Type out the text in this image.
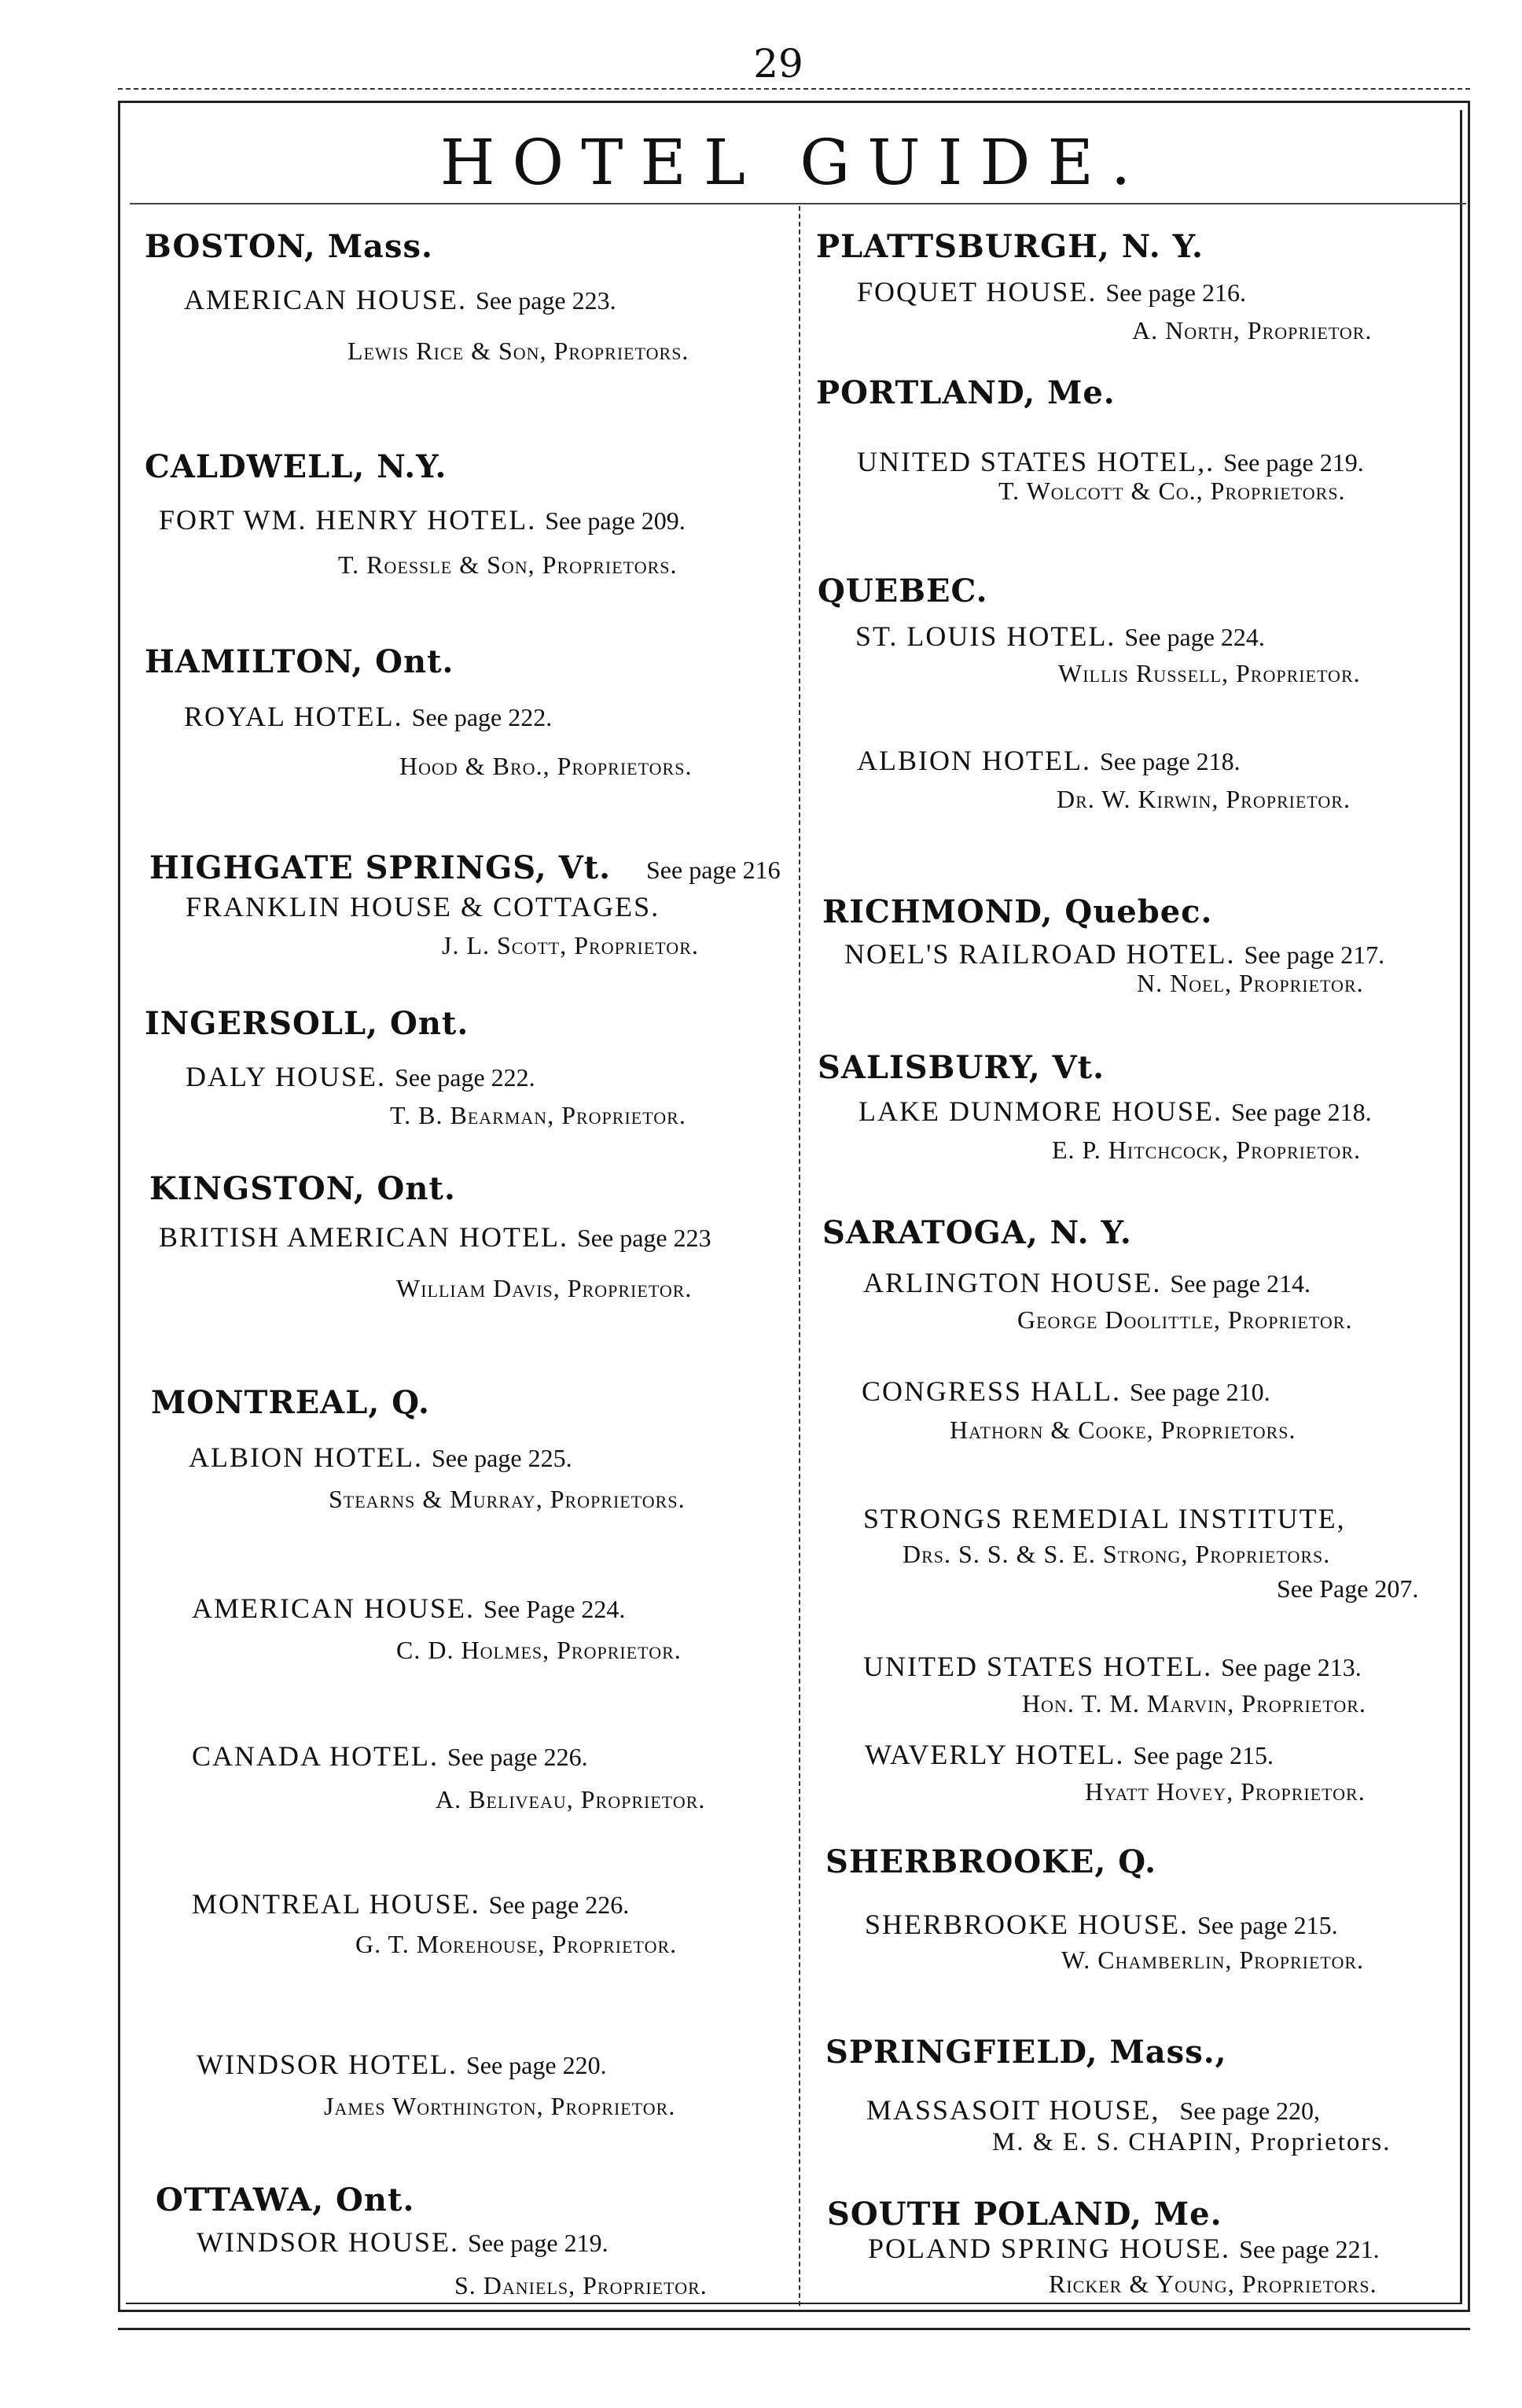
29
HOTEL GUIDE.
BOSTON, Mass.
AMERICAN HOUSE. See page 223.
Lewis Rice & Son, Proprietors.
CALDWELL, N.Y.
FORT WM. HENRY HOTEL. See page 209.
T. Roessle & Son, Proprietors.
HAMILTON, Ont.
ROYAL HOTEL. See page 222.
Hood & Bro., Proprietors.
HIGHGATE SPRINGS, Vt. See page 216
FRANKLIN HOUSE & COTTAGES.
J. L. Scott, Proprietor.
INGERSOLL, Ont.
DALY HOUSE. See page 222.
T. B. Bearman, Proprietor.
KINGSTON, Ont.
BRITISH AMERICAN HOTEL. See page 223
William Davis, Proprietor.
MONTREAL, Q.
ALBION HOTEL. See page 225.
Stearns & Murray, Proprietors.
AMERICAN HOUSE. See Page 224.
C. D. Holmes, Proprietor.
CANADA HOTEL. See page 226.
A. Beliveau, Proprietor.
MONTREAL HOUSE. See page 226.
G. T. Morehouse, Proprietor.
WINDSOR HOTEL. See page 220.
James Worthington, Proprietor.
OTTAWA, Ont.
WINDSOR HOUSE. See page 219.
S. Daniels, Proprietor.
PLATTSBURGH, N. Y.
FOQUET HOUSE. See page 216.
A. North, Proprietor.
PORTLAND, Me.
UNITED STATES HOTEL,. See page 219.
T. Wolcott & Co., Proprietors.
QUEBEC.
ST. LOUIS HOTEL. See page 224.
Willis Russell, Proprietor.
ALBION HOTEL. See page 218.
Dr. W. Kirwin, Proprietor.
RICHMOND, Quebec.
NOEL'S RAILROAD HOTEL. See page 217.
N. Noel, Proprietor.
SALISBURY, Vt.
LAKE DUNMORE HOUSE. See page 218.
E. P. Hitchcock, Proprietor.
SARATOGA, N. Y.
ARLINGTON HOUSE. See page 214.
George Doolittle, Proprietor.
CONGRESS HALL. See page 210.
Hathorn & Cooke, Proprietors.
STRONGS REMEDIAL INSTITUTE,
Drs. S. S. & S. E. Strong, Proprietors.
See Page 207.
UNITED STATES HOTEL. See page 213.
Hon. T. M. Marvin, Proprietor.
WAVERLY HOTEL. See page 215.
Hyatt Hovey, Proprietor.
SHERBROOKE, Q.
SHERBROOKE HOUSE. See page 215.
W. Chamberlin, Proprietor.
SPRINGFIELD, Mass.,
MASSASOIT HOUSE, See page 220,
M. & E. S. CHAPIN, Proprietors.
SOUTH POLAND, Me.
POLAND SPRING HOUSE. See page 221.
Ricker & Young, Proprietors.
